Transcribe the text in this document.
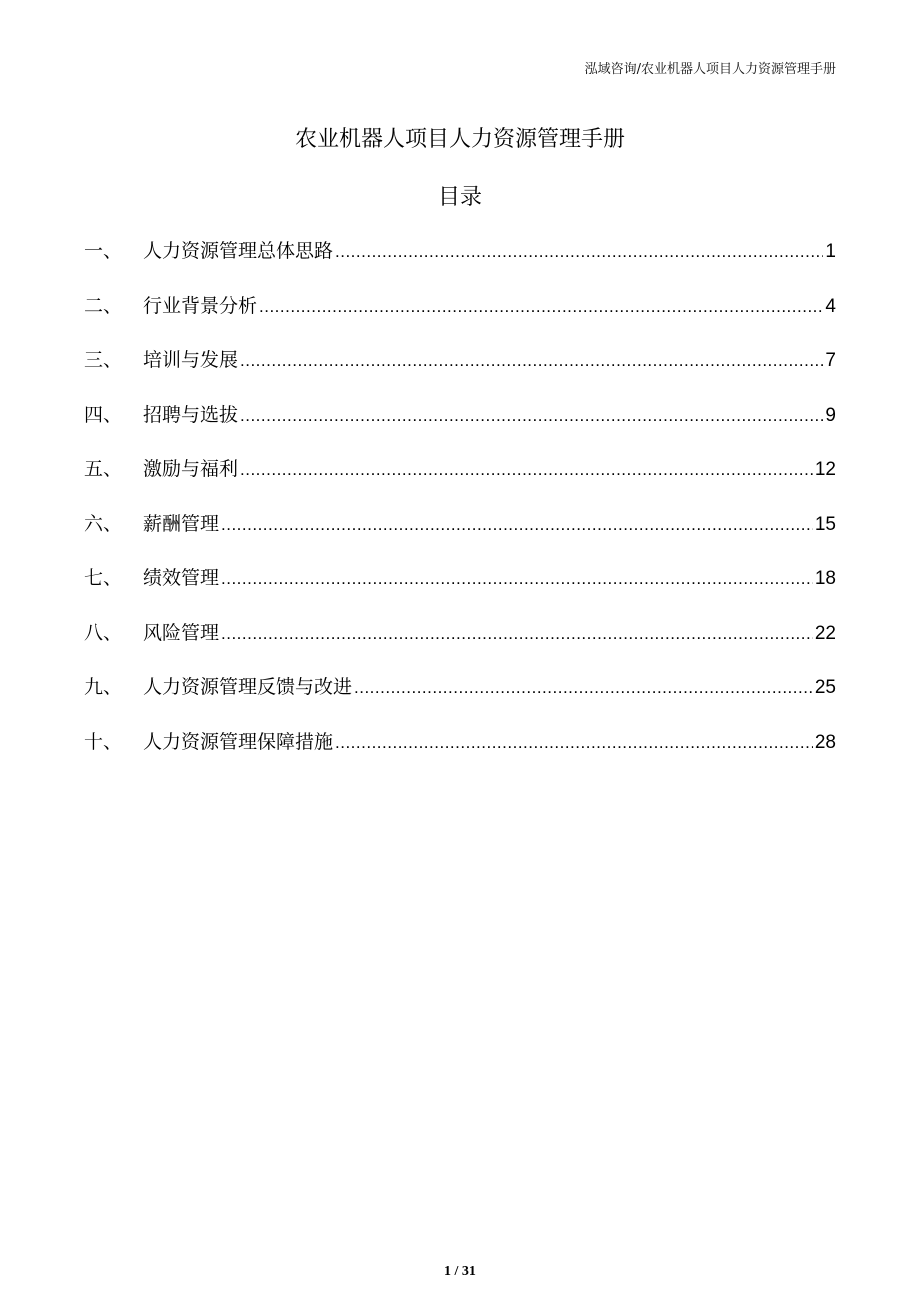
泓域咨询/农业机器人项目人力资源管理手册
农业机器人项目人力资源管理手册
目录
一、	人力资源管理总体思路 .....	1
二、	行业背景分析 .....	4
三、	培训与发展 .....	7
四、	招聘与选拔 .....	9
五、	激励与福利 .....	12
六、	薪酬管理 .....	15
七、	绩效管理 .....	18
八、	风险管理 .....	22
九、	人力资源管理反馈与改进 .....	25
十、	人力资源管理保障措施 .....	28
1 / 31
